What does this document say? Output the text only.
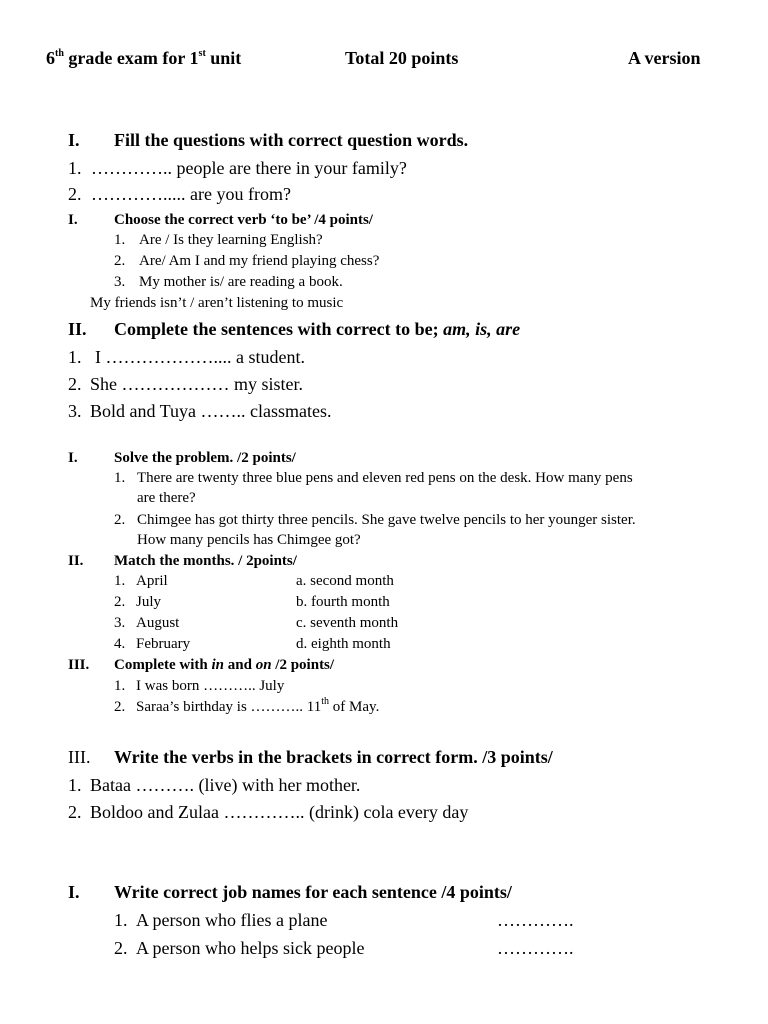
6th grade exam for 1st unit	Total 20 points	A version
I. Fill the questions with correct question words.
1. ………….. people are there in your family?
2. …………..... are you from?
I. Choose the correct verb ‘to be’ /4 points/
1. Are / Is they learning English?
2. Are/ Am I and my friend playing chess?
3. My mother is/ are reading a book.
My friends isn’t / aren’t listening to music
II. Complete the sentences with correct to be; am, is, are
1. I ……………….... a student.
2. She ……………… my sister.
3. Bold and Tuya …….. classmates.
I. Solve the problem. /2 points/
1. There are twenty three blue pens and eleven red pens on the desk. How many pens
are there?
2. Chimgee has got thirty three pencils. She gave twelve pencils to her younger sister.
How many pencils has Chimgee got?
II. Match the months. / 2points/
1. April	a. second month
2. July	b. fourth month
3. August	c. seventh month
4. February	d. eighth month
III. Complete with in and on /2 points/
1. I was born ……….. July
2. Saraa’s birthday is ……….. 11th of May.
III. Write the verbs in the brackets in correct form. /3 points/
1. Bataa ………. (live) with her mother.
2. Boldoo and Zulaa ………….. (drink) cola every day
I. Write correct job names for each sentence /4 points/
1. A person who flies a plane	………….
2. A person who helps sick people	………….
